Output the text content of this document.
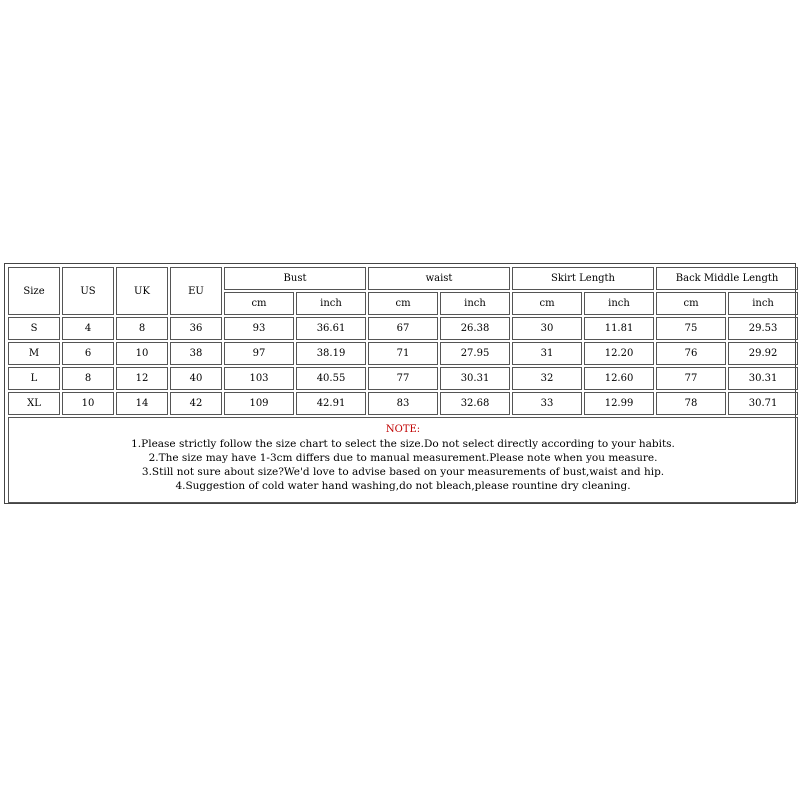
Size	US	UK	EU	Bust		waist		Skirt Length		Back Middle Length	
				cm	inch	cm	inch	cm	inch	cm	inch
S	4	8	36	93	36.61	67	26.38	30	11.81	75	29.53
M	6	10	38	97	38.19	71	27.95	31	12.20	76	29.92
L	8	12	40	103	40.55	77	30.31	32	12.60	77	30.31
XL	10	14	42	109	42.91	83	32.68	33	12.99	78	30.71

NOTE:
1.Please strictly follow the size chart to select the size.Do not select directly according to your habits.
2.The size may have 1-3cm differs due to manual measurement.Please note when you measure.
3.Still not sure about size?We'd love to advise based on your measurements of bust,waist and hip.
4.Suggestion of cold water hand washing,do not bleach,please rountine dry cleaning.											
